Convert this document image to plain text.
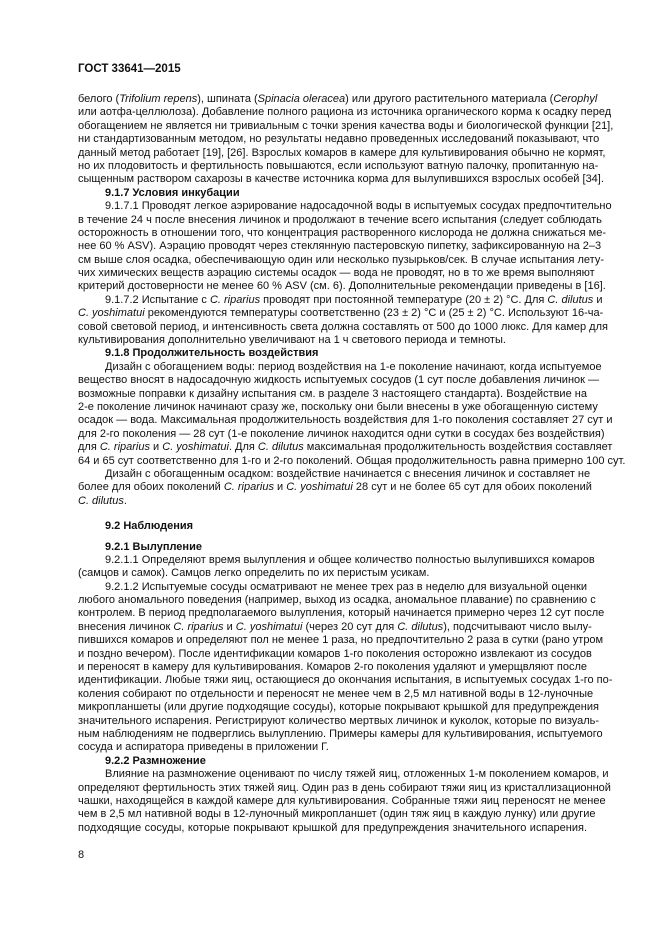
ГОСТ 33641—2015
белого (Trifolium repens), шпината (Spinacia oleracea) или другого растительного материала (Cerophyl
или аотфа-целлюлоза). Добавление полного рациона из источника органического корма к осадку перед
обогащением не является ни тривиальным с точки зрения качества воды и биологической функции [21],
ни стандартизованным методом, но результаты недавно проведенных исследований показывают, что
данный метод работает [19], [26]. Взрослых комаров в камере для культивирования обычно не кормят,
но их плодовитость и фертильность повышаются, если используют ватную палочку, пропитанную на-
сыщенным раствором сахарозы в качестве источника корма для вылупившихся взрослых особей [34].
9.1.7 Условия инкубации
9.1.7.1 Проводят легкое аэрирование надосадочной воды в испытуемых сосудах предпочтительно
в течение 24 ч после внесения личинок и продолжают в течение всего испытания (следует соблюдать
осторожность в отношении того, что концентрация растворенного кислорода не должна снижаться ме-
нее 60 % ASV). Аэрацию проводят через стеклянную пастеровскую пипетку, зафиксированную на 2–3
см выше слоя осадка, обеспечивающую один или несколько пузырьков/сек. В случае испытания лету-
чих химических веществ аэрацию системы осадок — вода не проводят, но в то же время выполняют
критерий достоверности не менее 60 % ASV (см. 6). Дополнительные рекомендации приведены в [16].
9.1.7.2 Испытание с C. riparius проводят при постоянной температуре (20 ± 2) °C. Для C. dilutus и
C. yoshimatui рекомендуются температуры соответственно (23 ± 2) °C и (25 ± 2) °C. Используют 16-ча-
совой световой период, и интенсивность света должна составлять от 500 до 1000 люкс. Для камер для
культивирования дополнительно увеличивают на 1 ч светового периода и темноты.
9.1.8 Продолжительность воздействия
Дизайн с обогащением воды: период воздействия на 1-е поколение начинают, когда испытуемое
вещество вносят в надосадочную жидкость испытуемых сосудов (1 сут после добавления личинок —
возможные поправки к дизайну испытания см. в разделе 3 настоящего стандарта). Воздействие на
2-е поколение личинок начинают сразу же, поскольку они были внесены в уже обогащенную систему
осадок — вода. Максимальная продолжительность воздействия для 1-го поколения составляет 27 сут и
для 2-го поколения — 28 сут (1-е поколение личинок находится одни сутки в сосудах без воздействия)
для C. riparius и C. yoshimatui. Для C. dilutus максимальная продолжительность воздействия составляет
64 и 65 сут соответственно для 1-го и 2-го поколений. Общая продолжительность равна примерно 100 сут.
Дизайн с обогащенным осадком: воздействие начинается с внесения личинок и составляет не
более для обоих поколений C. riparius и C. yoshimatui 28 сут и не более 65 сут для обоих поколений
C. dilutus.
9.2 Наблюдения
9.2.1 Вылупление
9.2.1.1 Определяют время вылупления и общее количество полностью вылупившихся комаров
(самцов и самок). Самцов легко определить по их перистым усикам.
9.2.1.2 Испытуемые сосуды осматривают не менее трех раз в неделю для визуальной оценки
любого аномального поведения (например, выход из осадка, аномальное плавание) по сравнению с
контролем. В период предполагаемого вылупления, который начинается примерно через 12 сут после
внесения личинок C. riparius и C. yoshimatui (через 20 сут для C. dilutus), подсчитывают число вылу-
пившихся комаров и определяют пол не менее 1 раза, но предпочтительно 2 раза в сутки (рано утром
и поздно вечером). После идентификации комаров 1-го поколения осторожно извлекают из сосудов
и переносят в камеру для культивирования. Комаров 2-го поколения удаляют и умерщвляют после
идентификации. Любые тяжи яиц, остающиеся до окончания испытания, в испытуемых сосудах 1-го по-
коления собирают по отдельности и переносят не менее чем в 2,5 мл нативной воды в 12-луночные
микропланшеты (или другие подходящие сосуды), которые покрывают крышкой для предупреждения
значительного испарения. Регистрируют количество мертвых личинок и куколок, которые по визуаль-
ным наблюдениям не подверглись вылуплению. Примеры камеры для культивирования, испытуемого
сосуда и аспиратора приведены в приложении Г.
9.2.2 Размножение
Влияние на размножение оценивают по числу тяжей яиц, отложенных 1-м поколением комаров, и
определяют фертильность этих тяжей яиц. Один раз в день собирают тяжи яиц из кристаллизационной
чашки, находящейся в каждой камере для культивирования. Собранные тяжи яиц переносят не менее
чем в 2,5 мл нативной воды в 12-луночный микропланшет (один тяж яиц в каждую лунку) или другие
подходящие сосуды, которые покрывают крышкой для предупреждения значительного испарения.
8
